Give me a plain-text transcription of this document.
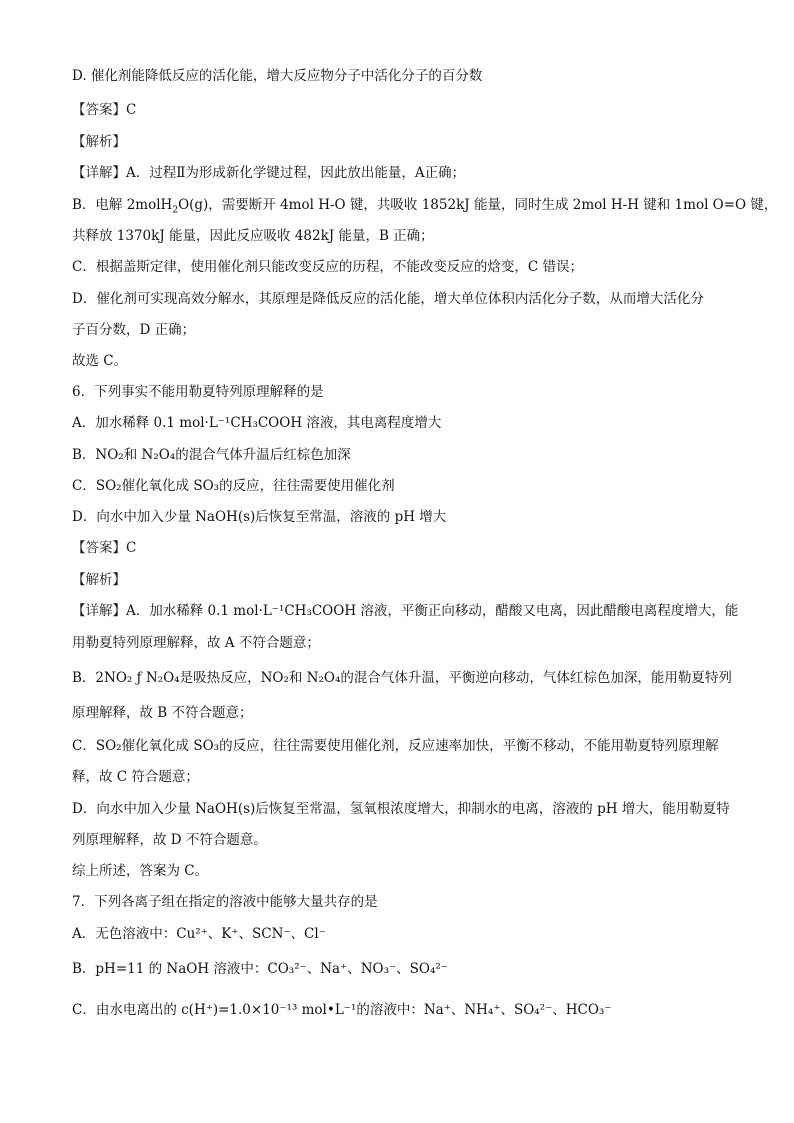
D. 催化剂能降低反应的活化能，增大反应物分子中活化分子的百分数
【答案】C
【解析】
【详解】A．过程Ⅱ为形成新化学键过程，因此放出能量，A正确；
B．电解 2molH$_2$O(g)，需要断开 4mol H-O 键，共吸收 1852kJ 能量，同时生成 2mol H-H 键和 1mol O=O 键，
共释放 1370kJ 能量，因此反应吸收 482kJ 能量，B 正确；
C．根据盖斯定律，使用催化剂只能改变反应的历程，不能改变反应的焓变，C 错误；
D．催化剂可实现高效分解水，其原理是降低反应的活化能，增大单位体积内活化分子数，从而增大活化分
子百分数，D 正确；
故选 C。
6．下列事实不能用勒夏特列原理解释的是
A．加水稀释 0.1 mol·L⁻¹CH₃COOH 溶液，其电离程度增大
B．NO₂和 N₂O₄的混合气体升温后红棕色加深
C．SO₂催化氧化成 SO₃的反应，往往需要使用催化剂
D．向水中加入少量 NaOH(s)后恢复至常温，溶液的 pH 增大
【答案】C
【解析】
【详解】A．加水稀释 0.1 mol·L⁻¹CH₃COOH 溶液，平衡正向移动，醋酸又电离，因此醋酸电离程度增大，能
用勒夏特列原理解释，故 A 不符合题意；
B．2NO₂ ƒ N₂O₄是吸热反应，NO₂和 N₂O₄的混合气体升温，平衡逆向移动，气体红棕色加深，能用勒夏特列
原理解释，故 B 不符合题意；
C．SO₂催化氧化成 SO₃的反应，往往需要使用催化剂，反应速率加快，平衡不移动，不能用勒夏特列原理解
释，故 C 符合题意；
D．向水中加入少量 NaOH(s)后恢复至常温，氢氧根浓度增大，抑制水的电离，溶液的 pH 增大，能用勒夏特
列原理解释，故 D 不符合题意。
综上所述，答案为 C。
7．下列各离子组在指定的溶液中能够大量共存的是
A．无色溶液中：Cu²⁺、K⁺、SCN⁻、Cl⁻
B．pH=11 的 NaOH 溶液中：CO₃²⁻、Na⁺、NO₃⁻、SO₄²⁻
C．由水电离出的 c(H⁺)=1.0×10⁻¹³ mol•L⁻¹的溶液中：Na⁺、NH₄⁺、SO₄²⁻、HCO₃⁻
